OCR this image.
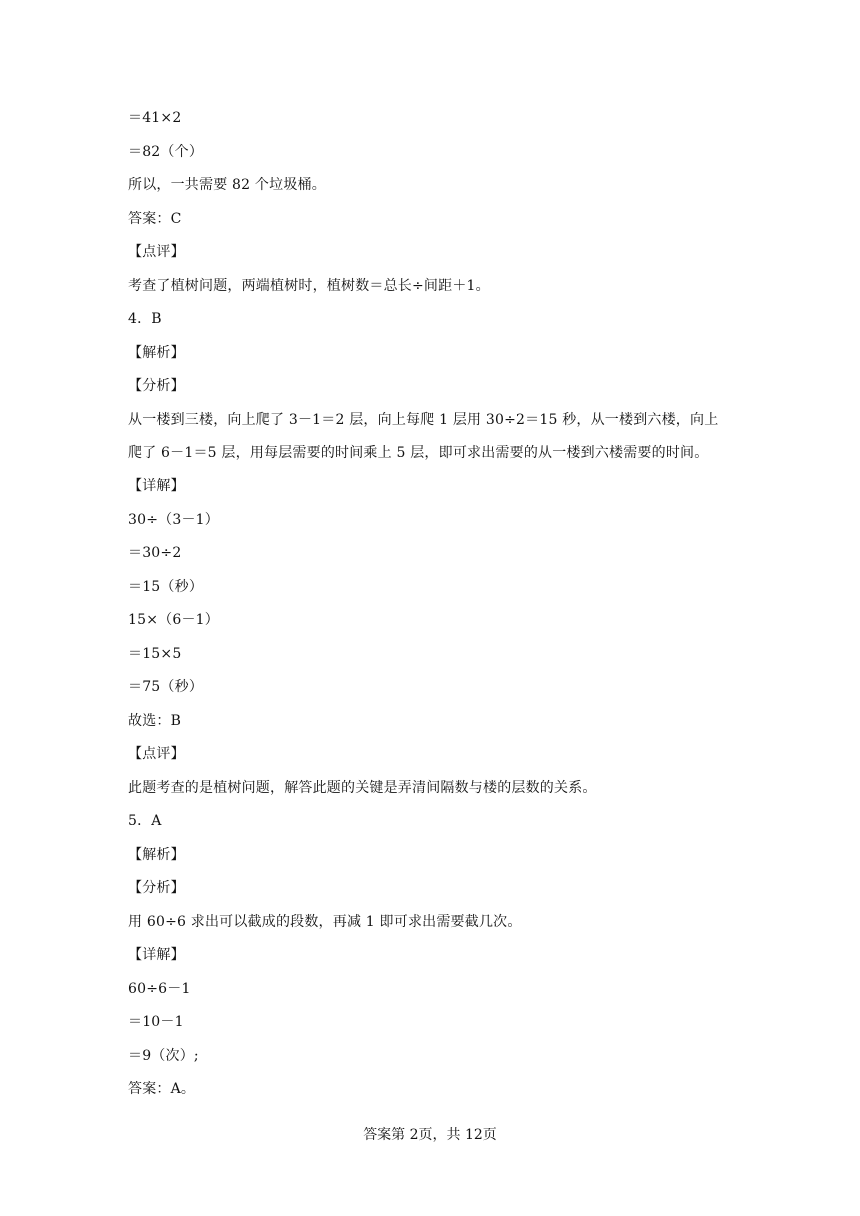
＝41×2
＝82（个）
所以，一共需要 82 个垃圾桶。
答案：C
【点评】
考查了植树问题，两端植树时，植树数＝总长÷间距＋1。
4．B
【解析】
【分析】
从一楼到三楼，向上爬了 3－1＝2 层，向上每爬 1 层用 30÷2＝15 秒，从一楼到六楼，向上
爬了 6－1＝5 层，用每层需要的时间乘上 5 层，即可求出需要的从一楼到六楼需要的时间。
【详解】
30÷（3－1）
＝30÷2
＝15（秒）
15×（6－1）
＝15×5
＝75（秒）
故选：B
【点评】
此题考查的是植树问题，解答此题的关键是弄清间隔数与楼的层数的关系。
5．A
【解析】
【分析】
用 60÷6 求出可以截成的段数，再减 1 即可求出需要截几次。
【详解】
60÷6－1
＝10－1
＝9（次）;
答案：A。
答案第 2页，共 12页
